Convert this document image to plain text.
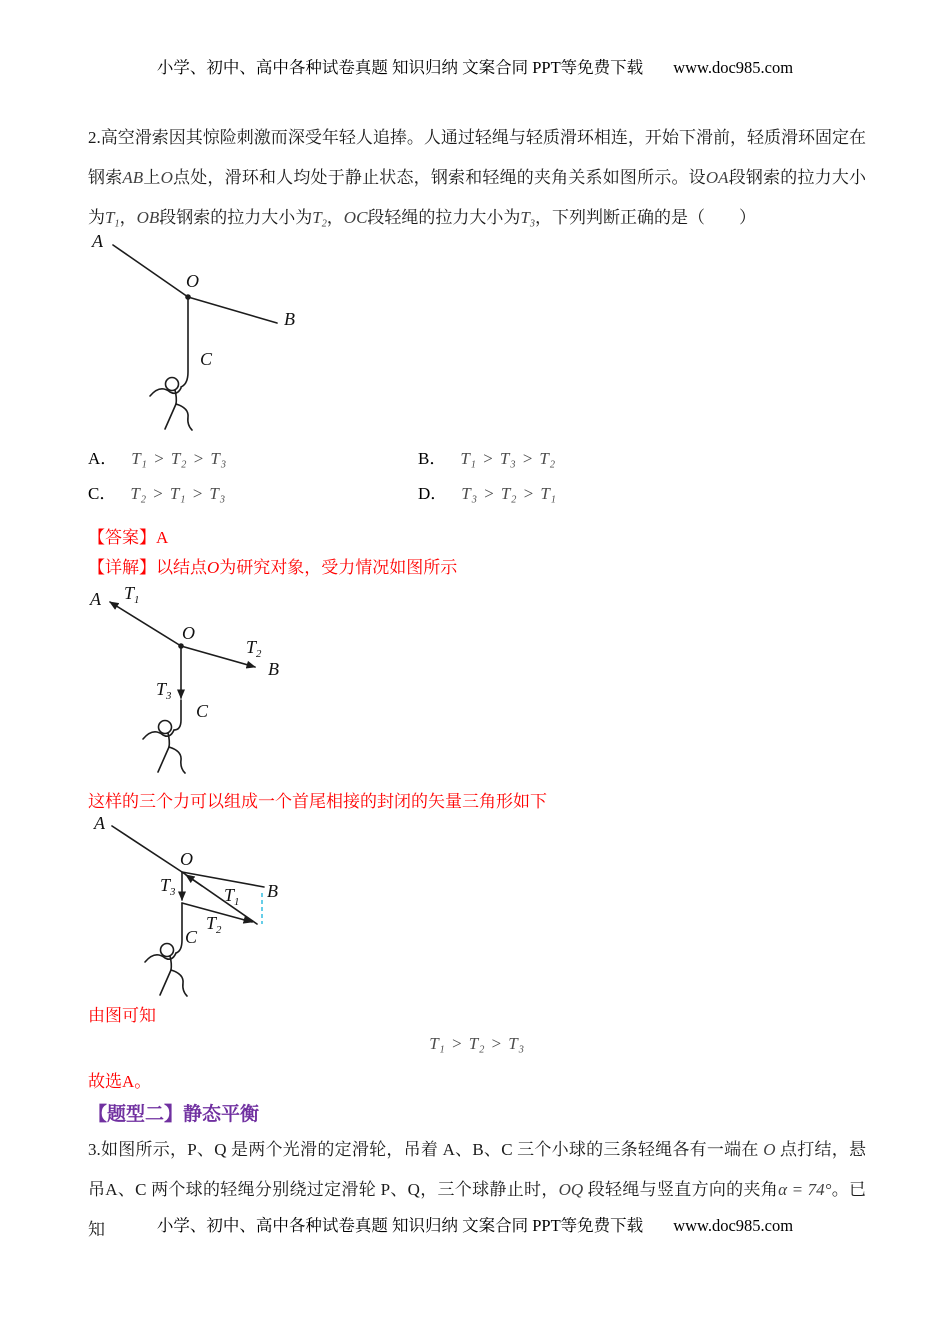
小学、初中、高中各种试卷真题 知识归纳 文案合同 PPT等免费下载 www.doc985.com
2.高空滑索因其惊险刺激而深受年轻人追捧。人通过轻绳与轻质滑环相连，开始下滑前，轻质滑环固定在钢索AB上O点处，滑环和人均处于静止状态，钢索和轻绳的夹角关系如图所示。设OA段钢索的拉力大小为$T_1$，OB段钢索的拉力大小为$T_2$，OC段轻绳的拉力大小为$T_3$，下列判断正确的是（　　）
A
O
B
C
A． $T_1 > T_2 > T_3$	B． $T_1 > T_3 > T_2$
C． $T_2 > T_1 > T_3$	D． $T_3 > T_2 > T_1$
【答案】A
【详解】以结点O为研究对象，受力情况如图所示
A $T_1$
O
$T_2$
B
$T_3$
C
这样的三个力可以组成一个首尾相接的封闭的矢量三角形如下
A
O
$T_3$	$T_1$
B
$T_2$
C
由图可知
$T_1 > T_2 > T_3$
故选A。
【题型二】静态平衡
3.如图所示，P、Q 是两个光滑的定滑轮，吊着 A、B、C 三个小球的三条轻绳各有一端在 O 点打结，悬吊A、C 两个球的轻绳分别绕过定滑轮 P、Q，三个球静止时，OQ 段轻绳与竖直方向的夹角α = 74°。已知	小学、初中、高中各种试卷真题 知识归纳 文案合同 PPT等免费下载 www.doc985.com
